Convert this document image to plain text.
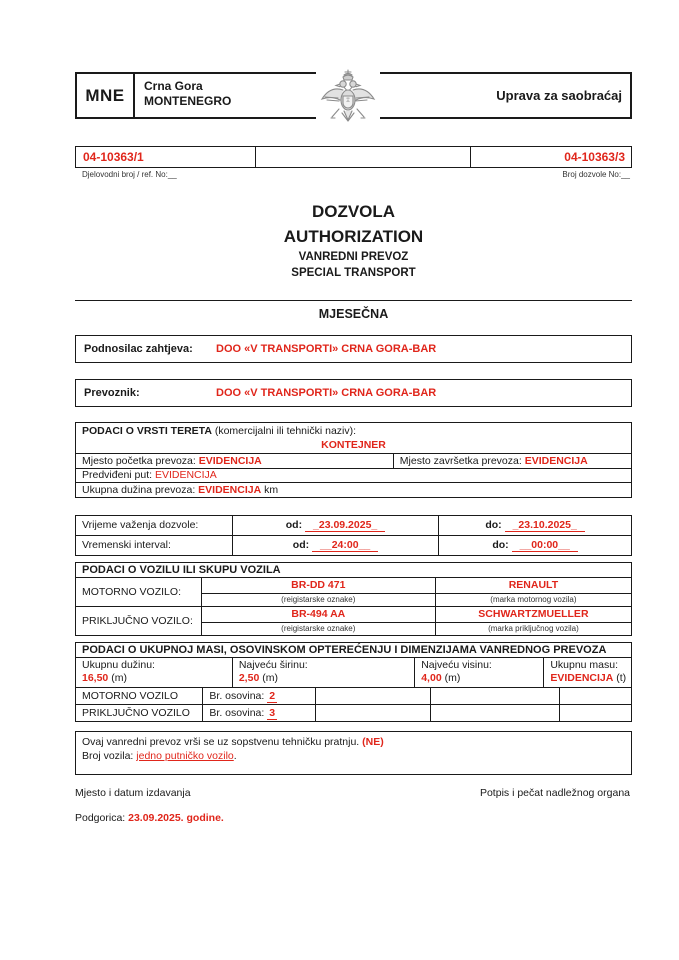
MNE	Crna Gora
MONTENEGRO	Uprava za saobraćaj
04-10363/1	04-10363/3
Djelovodni broj / ref. No:__	Broj dozvole No:__
DOZVOLA
AUTHORIZATION
VANREDNI PREVOZ
SPECIAL TRANSPORT
MJESEČNA
Podnosilac zahtjeva:	DOO «V TRANSPORTI» CRNA GORA-BAR
Prevoznik:	DOO «V TRANSPORTI» CRNA GORA-BAR
PODACI O VRSTI TERETA (komercijalni ili tehnički naziv):
KONTEJNER
Mjesto početka prevoza: EVIDENCIJA	Mjesto završetka prevoza: EVIDENCIJA
Predviđeni put: EVIDENCIJA
Ukupna dužina prevoza: EVIDENCIJA km
Vrijeme važenja dozvole:	od: _23.09.2025_	do: _23.10.2025_
Vremenski interval:	od: __24:00__	do: __00:00__
PODACI O VOZILU ILI SKUPU VOZILA
MOTORNO VOZILO:
BR-DD 471	RENAULT
(reigistarske oznake)	(marka motornog vozila)
PRIKLJUČNO VOZILO:
BR-494 AA	SCHWARTZMUELLER
(reigistarske oznake)	(marka priključnog vozila)
PODACI O UKUPNOJ MASI, OSOVINSKOM OPTEREĆENJU I DIMENZIJAMA VANREDNOG PREVOZA
Ukupnu dužinu:
16,50 (m)
Najveću širinu:
2,50 (m)
Najveću visinu:
4,00 (m)
Ukupnu masu:
EVIDENCIJA (t)
MOTORNO VOZILO	Br. osovina: 2
PRIKLJUČNO VOZILO	Br. osovina: 3
Ovaj vanredni prevoz vrši se uz sopstvenu tehničku pratnju. (NE)
Broj vozila: jedno putničko vozilo.
Mjesto i datum izdavanja	Potpis i pečat nadležnog organa
Podgorica: 23.09.2025. godine.
